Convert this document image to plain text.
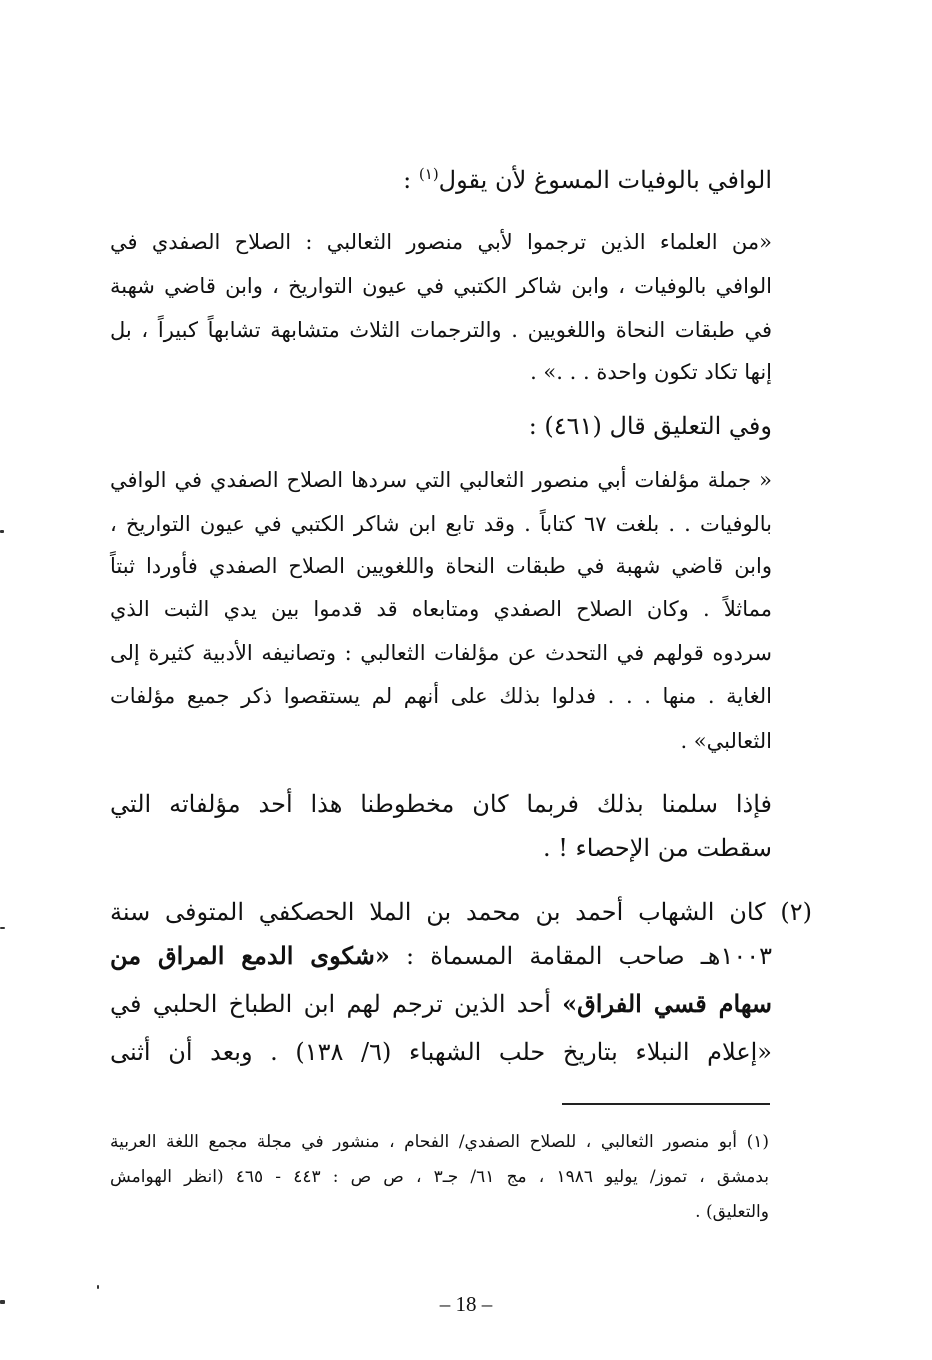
الوافي بالوفيات المسوغ لأن يقول$^{(١)}$ :

«من العلماء الذين ترجموا لأبي منصور الثعالبي : الصلاح الصفدي في

الوافي بالوفيات ، وابن شاكر الكتبي في عيون التواريخ ، وابن قاضي شهبة

في طبقات النحاة واللغويين . والترجمات الثلاث متشابهة تشابهاً كبيراً ، بل

إنها تكاد تكون واحدة . . .» .

وفي التعليق قال (٤٦١) :

« جملة مؤلفات أبي منصور الثعالبي التي سردها الصلاح الصفدي في الوافي

بالوفيات . . بلغت ٦٧ كتاباً . وقد تابع ابن شاكر الكتبي في عيون التواريخ ،

وابن قاضي شهبة في طبقات النحاة واللغويين الصلاح الصفدي فأوردا ثبتاً

مماثلاً . وكان الصلاح الصفدي ومتابعاه قد قدموا بين يدي الثبت الذي

سردوه قولهم في التحدث عن مؤلفات الثعالبي : وتصانيفه الأدبية كثيرة إلى

الغاية . منها . . . فدلوا بذلك على أنهم لم يستقصوا ذكر جميع مؤلفات

الثعالبي» .

فإذا سلمنا بذلك فربما كان مخطوطنا هذا أحد مؤلفاته التي

سقطت من الإحصاء ! .

(٢) كان الشهاب أحمد بن محمد بن الملا الحصكفي المتوفى سنة

١٠٠٣هـ صاحب المقامة المسماة : «شكوى الدمع المراق من

سهام قسي الفراق» أحد الذين ترجم لهم ابن الطباخ الحلبي في

«إعلام النبلاء بتاريخ حلب الشهباء (٦/ ١٣٨) . وبعد أن أثنى

(١) أبو منصور الثعالبي ، للصلاح الصفدي/ الفحام ، منشور في مجلة مجمع اللغة العربية

بدمشق ، تموز/ يوليو ١٩٨٦ ، مج ٦١/ جـ٣ ، ص ص : ٤٤٣ - ٤٦٥ (انظر الهوامش

والتعليق) .

– 18 –
